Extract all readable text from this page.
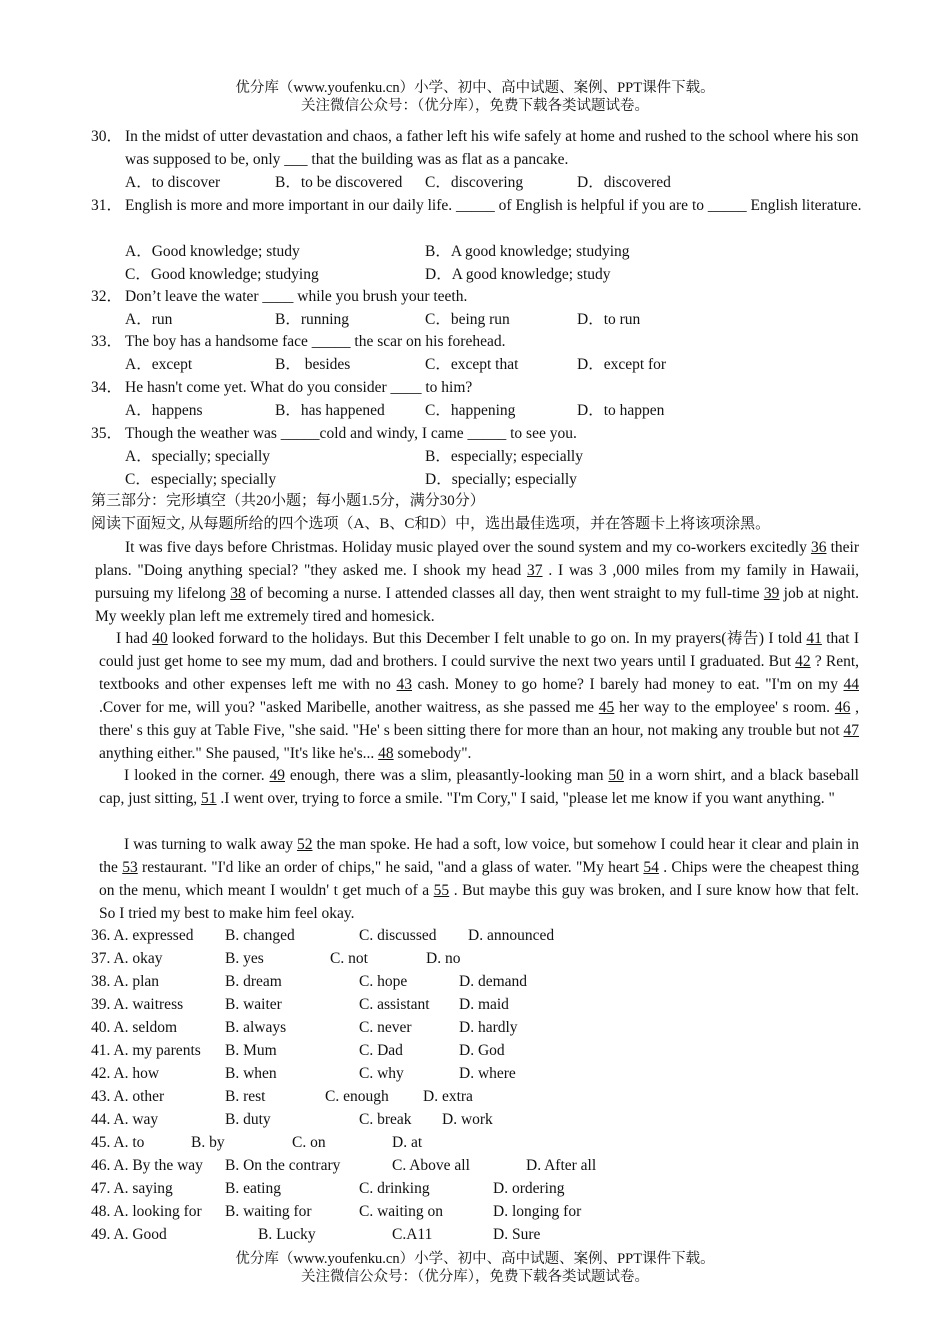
优分库（www.youfenku.cn）小学、初中、高中试题、案例、PPT课件下载。
关注微信公众号：（优分库），免费下载各类试题试卷。
30． In the midst of utter devastation and chaos, a father left his wife safely at home and rushed to the school where his son was supposed to be, only ___ that the building was as flat as a pancake.
A．to discover	B．to be discovered C．discovering	D．discovered
31． English is more and more important in our daily life. _____ of English is helpful if you are to _____ English literature.
A．Good knowledge; study	B．A good knowledge; studying
C．Good knowledge; studying	D．A good knowledge; study
32． Don’t leave the water ____ while you brush your teeth.
A．run	B．running	C．being run	D．to run
33． The boy has a handsome face _____ the scar on his forehead.
A．except	B． besides	C．except that	D．except for
34． He hasn't come yet. What do you consider ____ to him?
A．happens	B．has happened	C．happening	D．to happen
35． Though the weather was _____cold and windy, I came _____ to see you.
A．specially; specially	B．especially; especially
C．especially; specially	D．specially; especially
第三部分：完形填空（共20小题；每小题1.5分，满分30分）
阅读下面短文, 从每题所给的四个选项（A、B、C和D）中，选出最佳选项，并在答题卡上将该项涂黑。
It was five days before Christmas. Holiday music played over the sound system and my co-workers excitedly 36 their plans. "Doing anything special? "they asked me. I shook my head 37 . I was 3 ,000 miles from my family in Hawaii, pursuing my lifelong 38 of becoming a nurse. I attended classes all day, then went straight to my full-time 39 job at night. My weekly plan left me extremely tired and homesick.
I had 40 looked forward to the holidays. But this December I felt unable to go on. In my prayers(祷告) I told 41 that I could just get home to see my mum, dad and brothers. I could survive the next two years until I graduated. But 42 ? Rent, textbooks and other expenses left me with no 43 cash. Money to go home? I barely had money to eat. "I'm on my 44 .Cover for me, will you? "asked Maribelle, another waitress, as she passed me 45 her way to the employee' s room. 46 , there' s this guy at Table Five, "she said. "He' s been sitting there for more than an hour, not making any trouble but not 47 anything either." She paused, "It's like he's... 48 somebody".
I looked in the corner. 49 enough, there was a slim, pleasantly-looking man 50 in a worn shirt, and a black baseball cap, just sitting, 51 .I went over, trying to force a smile. "I'm Cory," I said, "please let me know if you want anything. "
I was turning to walk away 52 the man spoke. He had a soft, low voice, but somehow I could hear it clear and plain in the 53 restaurant. "I'd like an order of chips," he said, "and a glass of water. "My heart 54 . Chips were the cheapest thing on the menu, which meant I wouldn' t get much of a 55 . But maybe this guy was broken, and I sure know how that felt. So I tried my best to make him feel okay.
36. A. expressed B. changed	C. discussed D. announced
37. A. okay	B. yes	C. not	D. no
38. A. plan	B. dream	C. hope	D. demand
39. A. waitress	B. waiter	C. assistant D. maid
40. A. seldom	B. always	C. never	D. hardly
41. A. my parents B. Mum	C. Dad	D. God
42. A. how	B. when	C. why	D. where
43. A. other	B. rest	C. enough D. extra
44. A. way	B. duty	C. break D. work
45. A. to	B. by	C. on	D. at
46. A. By the way B. On the contrary	C. Above all	D. After all
47. A. saying	B. eating	C. drinking	D. ordering
48. A. looking for B. waiting for	C. waiting on	D. longing for
49. A. Good	B. Lucky	C.A11	D. Sure
优分库（www.youfenku.cn）小学、初中、高中试题、案例、PPT课件下载。
关注微信公众号：（优分库），免费下载各类试题试卷。
